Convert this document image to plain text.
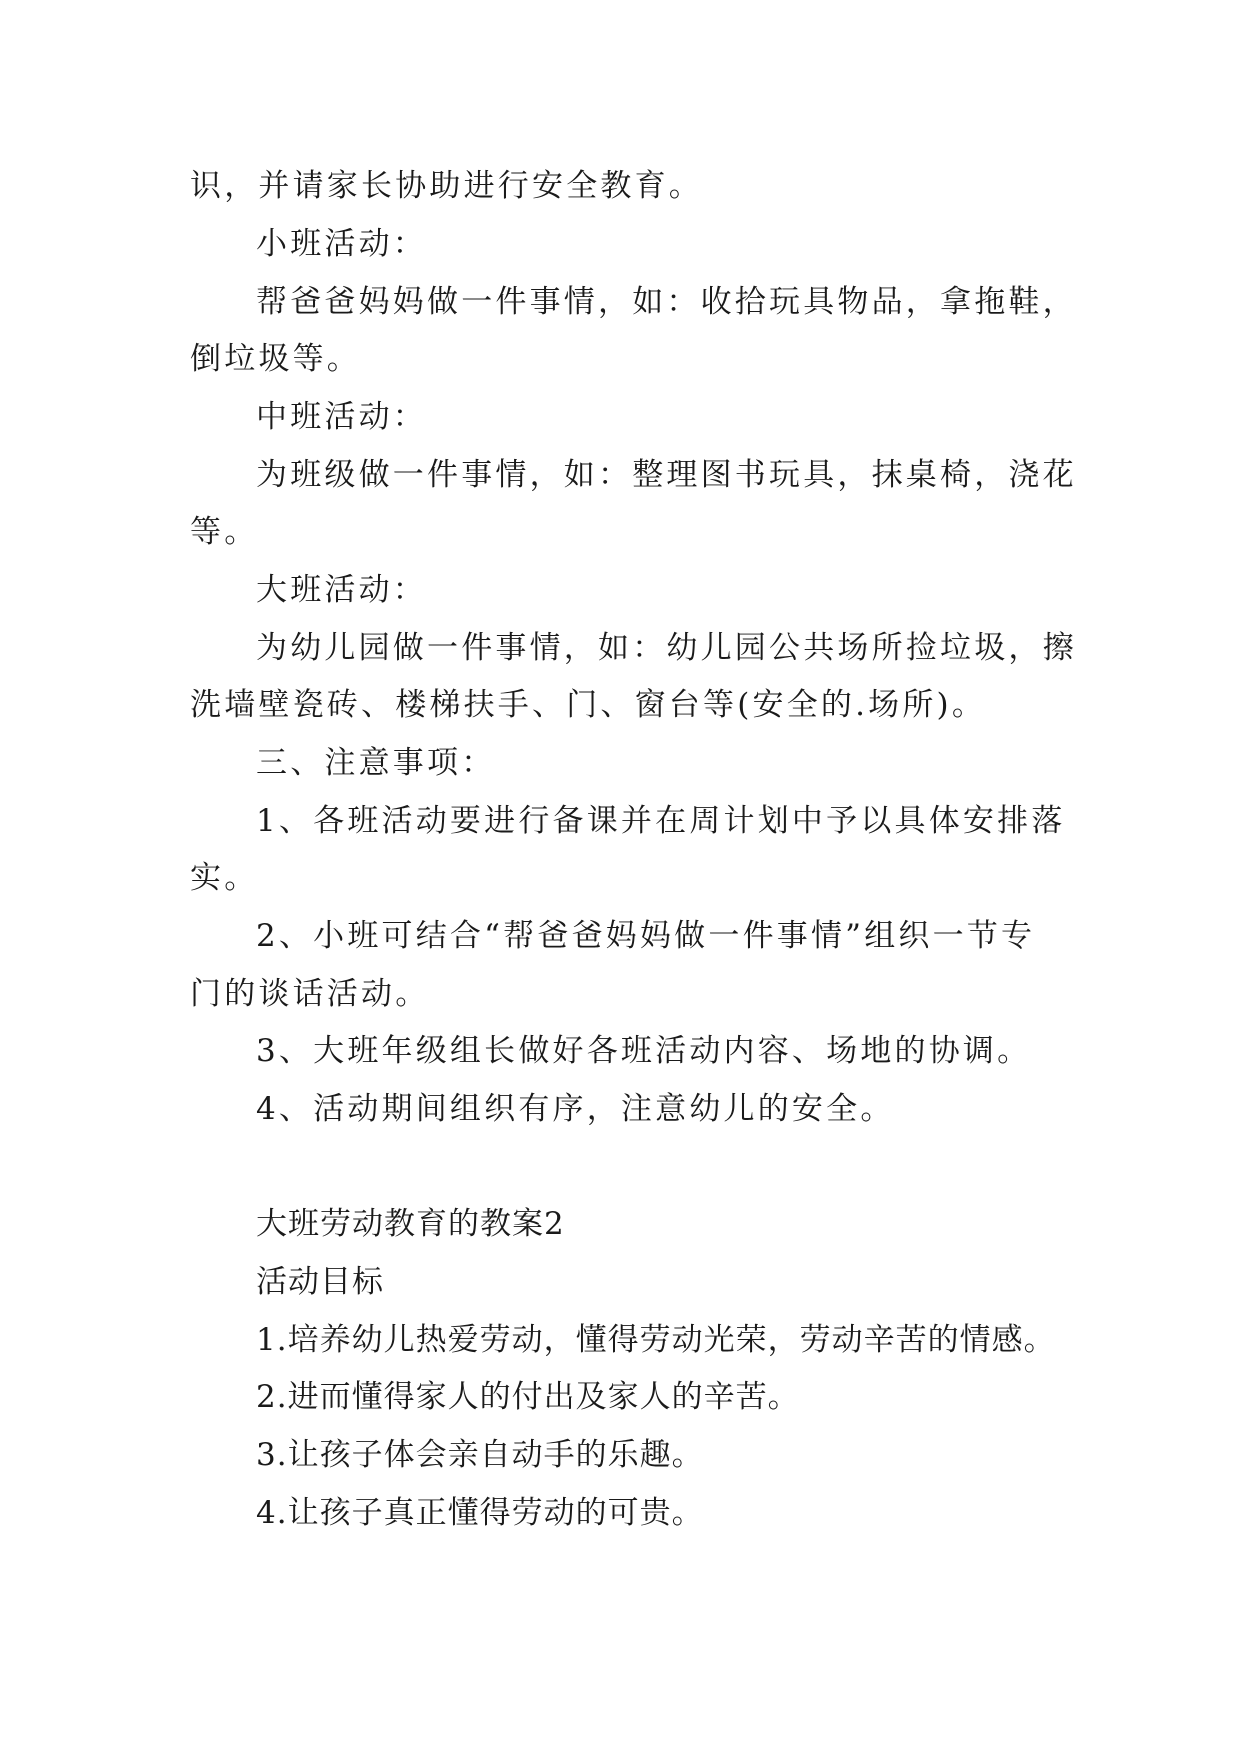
识，并请家长协助进行安全教育。
小班活动：
帮爸爸妈妈做一件事情，如：收拾玩具物品，拿拖鞋，
倒垃圾等。
中班活动：
为班级做一件事情，如：整理图书玩具，抹桌椅，浇花
等。
大班活动：
为幼儿园做一件事情，如：幼儿园公共场所捡垃圾，擦
洗墙壁瓷砖、楼梯扶手、门、窗台等(安全的.场所)。
三、注意事项：
1、各班活动要进行备课并在周计划中予以具体安排落
实。
2、小班可结合“帮爸爸妈妈做一件事情”组织一节专
门的谈话活动。
3、大班年级组长做好各班活动内容、场地的协调。
4、活动期间组织有序，注意幼儿的安全。
大班劳动教育的教案2
活动目标
1.培养幼儿热爱劳动，懂得劳动光荣，劳动辛苦的情感。
2.进而懂得家人的付出及家人的辛苦。
3.让孩子体会亲自动手的乐趣。
4.让孩子真正懂得劳动的可贵。
